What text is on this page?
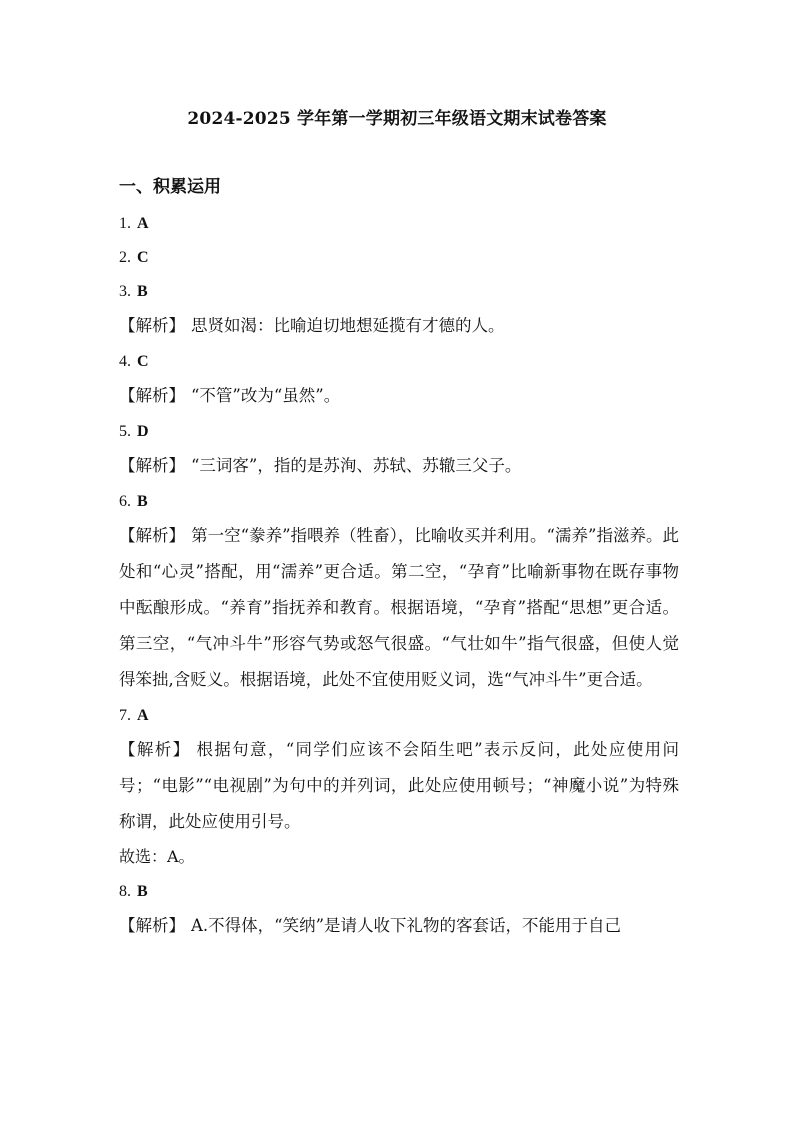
2024-2025 学年第一学期初三年级语文期末试卷答案
一、积累运用
1. A
2. C
3. B

【解析】 思贤如渴：比喻迫切地想延揽有才德的人。

4. C

【解析】 “不管”改为“虽然”。

5. D

【解析】 “三词客”，指的是苏洵、苏轼、苏辙三父子。

6. B

【解析】 第一空“豢养”指喂养（牲畜），比喻收买并利用。“濡养”指滋养。此处和“心灵”搭配，用“濡养”更合适。第二空，“孕育”比喻新事物在既存事物中酝酿形成。“养育”指抚养和教育。根据语境，“孕育”搭配“思想”更合适。第三空，“气冲斗牛”形容气势或怒气很盛。“气壮如牛”指气很盛，但使人觉得笨拙,含贬义。根据语境，此处不宜使用贬义词，选“气冲斗牛”更合适。

7. A

【解析】 根据句意，“同学们应该不会陌生吧”表示反问，此处应使用问号；“电影”“电视剧”为句中的并列词，此处应使用顿号；“神魔小说”为特殊称谓，此处应使用引号。

故选：A。
8. B

【解析】 A.不得体，“笑纳”是请人收下礼物的客套话，不能用于自己
